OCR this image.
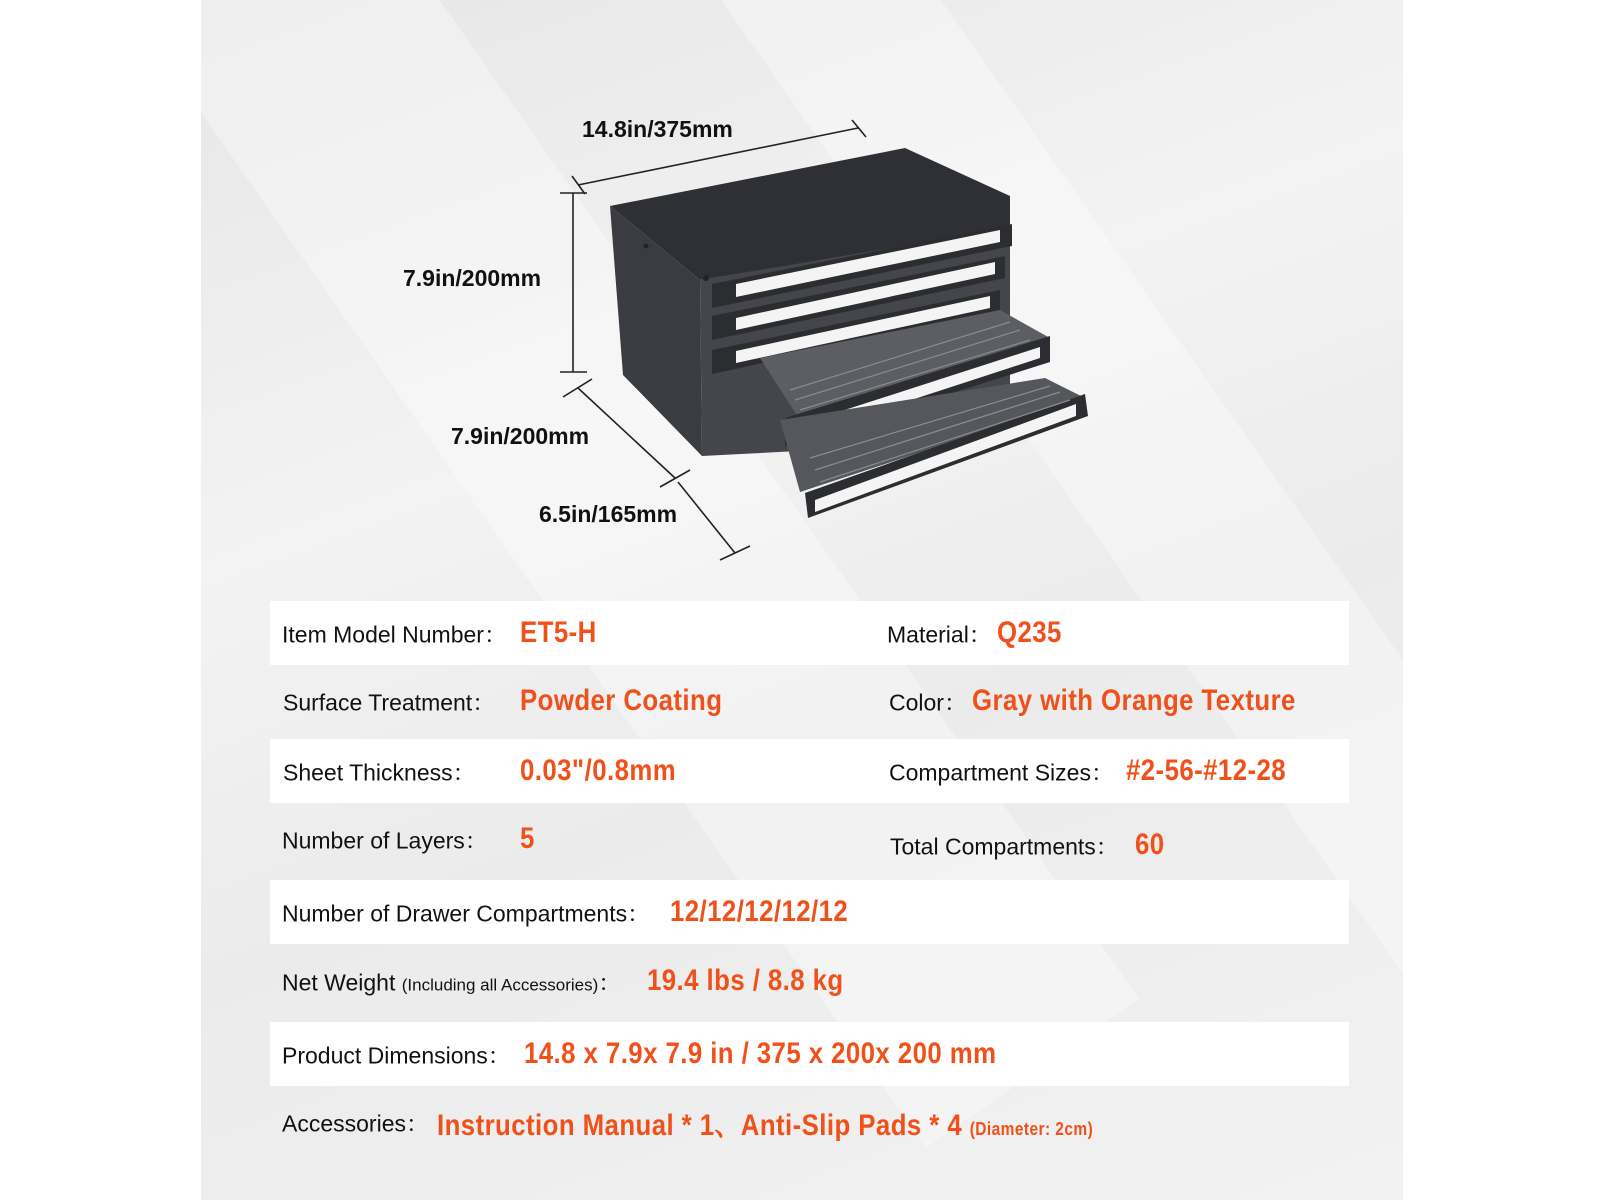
14.8in/375mm
7.9in/200mm
7.9in/200mm
6.5in/165mm
Item Model Number： ET5-H	Material： Q235
Surface Treatment： Powder Coating	Color： Gray with Orange Texture
Sheet Thickness： 0.03"/0.8mm	Compartment Sizes： #2-56-#12-28
Number of Layers： 5	Total Compartments： 60
Number of Drawer Compartments： 12/12/12/12/12
Net Weight (Including all Accessories)： 19.4 lbs / 8.8 kg
Product Dimensions： 14.8 x 7.9x 7.9 in / 375 x 200x 200 mm
Accessories： Instruction Manual * 1、Anti-Slip Pads * 4 (Diameter: 2cm)
